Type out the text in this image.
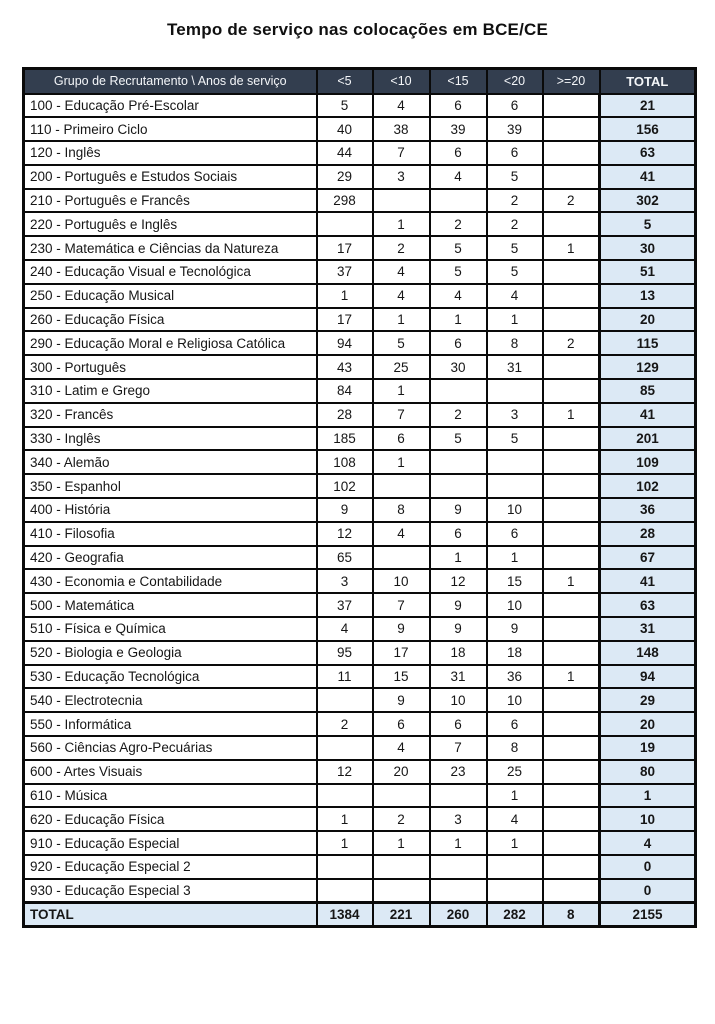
Tempo de serviço nas colocações em BCE/CE
Grupo de Recrutamento \ Anos de serviço	<5	<10	<15	<20	>=20	TOTAL
100 - Educação Pré-Escolar	5	4	6	6		21
110 - Primeiro Ciclo	40	38	39	39		156
120 - Inglês	44	7	6	6		63
200 - Português e Estudos Sociais	29	3	4	5		41
210 - Português e Francês	298			2	2	302
220 - Português e Inglês		1	2	2		5
230 - Matemática e Ciências da Natureza	17	2	5	5	1	30
240 - Educação Visual e Tecnológica	37	4	5	5		51
250 - Educação Musical	1	4	4	4		13
260 - Educação Física	17	1	1	1		20
290 - Educação Moral e Religiosa Católica	94	5	6	8	2	115
300 - Português	43	25	30	31		129
310 - Latim e Grego	84	1				85
320 - Francês	28	7	2	3	1	41
330 - Inglês	185	6	5	5		201
340 - Alemão	108	1				109
350 - Espanhol	102					102
400 - História	9	8	9	10		36
410 - Filosofia	12	4	6	6		28
420 - Geografia	65		1	1		67
430 - Economia e Contabilidade	3	10	12	15	1	41
500 - Matemática	37	7	9	10		63
510 - Física e Química	4	9	9	9		31
520 - Biologia e Geologia	95	17	18	18		148
530 - Educação Tecnológica	11	15	31	36	1	94
540 - Electrotecnia		9	10	10		29
550 - Informática	2	6	6	6		20
560 - Ciências Agro-Pecuárias		4	7	8		19
600 - Artes Visuais	12	20	23	25		80
610 - Música				1		1
620 - Educação Física	1	2	3	4		10
910 - Educação Especial	1	1	1	1		4
920 - Educação Especial 2						0
930 - Educação Especial 3						0
TOTAL	1384	221	260	282	8	2155
